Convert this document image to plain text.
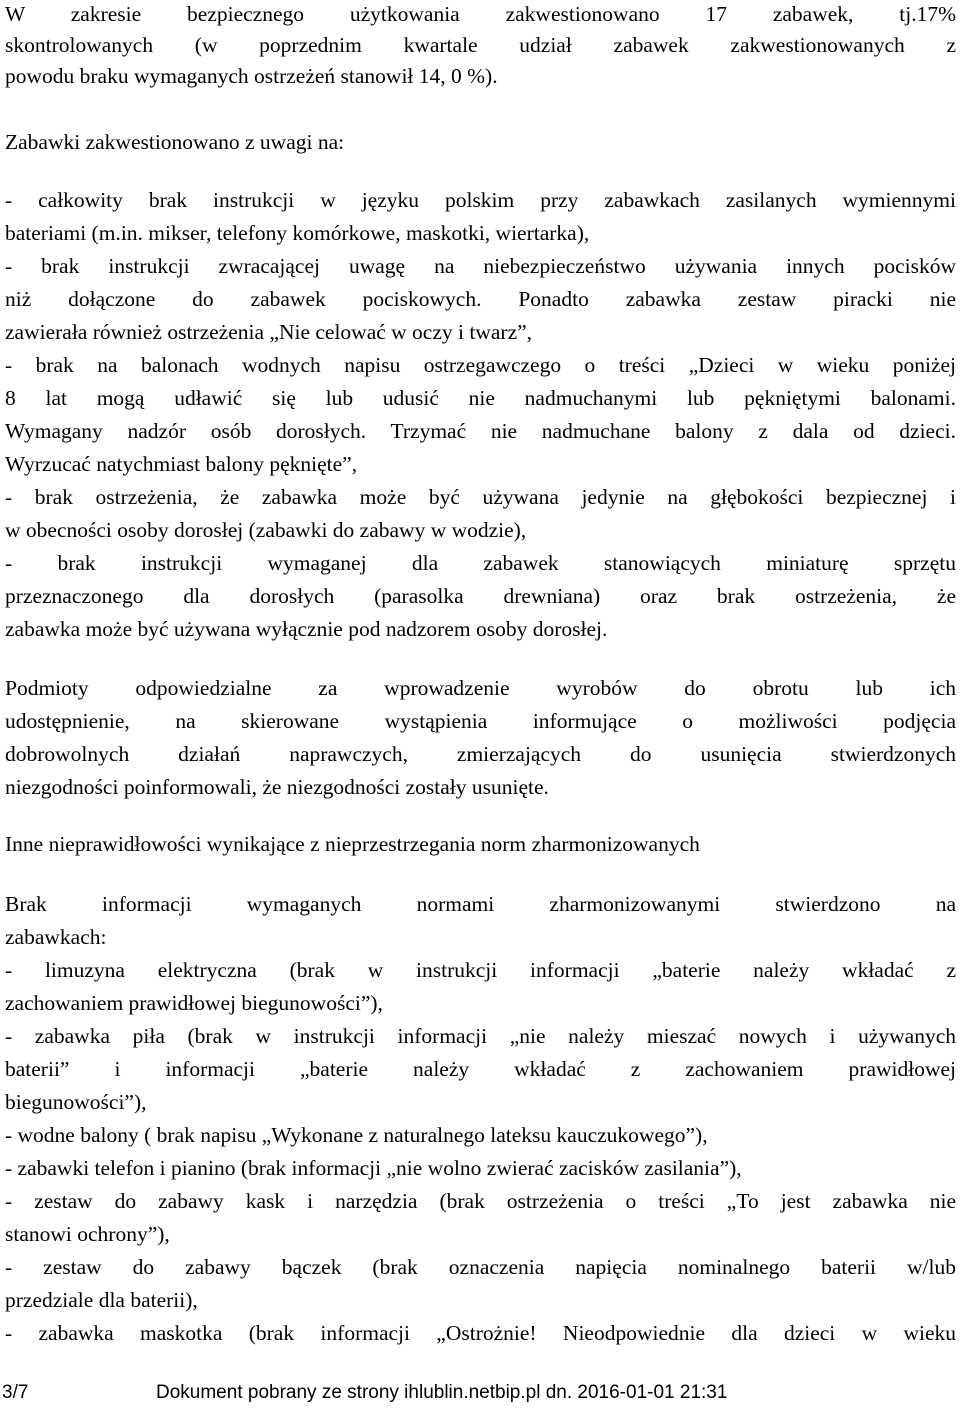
W zakresie bezpiecznego użytkowania zakwestionowano 17 zabawek, tj.17%
skontrolowanych (w poprzednim kwartale udział zabawek zakwestionowanych z
powodu braku wymaganych ostrzeżeń stanowił 14, 0 %).
Zabawki zakwestionowano z uwagi na:
- całkowity brak instrukcji w języku polskim przy zabawkach zasilanych wymiennymi
bateriami (m.in. mikser, telefony komórkowe, maskotki, wiertarka),
- brak instrukcji zwracającej uwagę na niebezpieczeństwo używania innych pocisków
niż dołączone do zabawek pociskowych. Ponadto zabawka zestaw piracki nie
zawierała również ostrzeżenia „Nie celować w oczy i twarz”,
- brak na balonach wodnych napisu ostrzegawczego o treści „Dzieci w wieku poniżej
8 lat mogą udławić się lub udusić nie nadmuchanymi lub pękniętymi balonami.
Wymagany nadzór osób dorosłych. Trzymać nie nadmuchane balony z dala od dzieci.
Wyrzucać natychmiast balony pęknięte”,
- brak ostrzeżenia, że zabawka może być używana jedynie na głębokości bezpiecznej i
w obecności osoby dorosłej (zabawki do zabawy w wodzie),
- brak instrukcji wymaganej dla zabawek stanowiących miniaturę sprzętu
przeznaczonego dla dorosłych (parasolka drewniana) oraz brak ostrzeżenia, że
zabawka może być używana wyłącznie pod nadzorem osoby dorosłej.
Podmioty odpowiedzialne za wprowadzenie wyrobów do obrotu lub ich
udostępnienie, na skierowane wystąpienia informujące o możliwości podjęcia
dobrowolnych działań naprawczych, zmierzających do usunięcia stwierdzonych
niezgodności poinformowali, że niezgodności zostały usunięte.
Inne nieprawidłowości wynikające z nieprzestrzegania norm zharmonizowanych
Brak informacji wymaganych normami zharmonizowanymi stwierdzono na
zabawkach:
- limuzyna elektryczna (brak w instrukcji informacji „baterie należy wkładać z
zachowaniem prawidłowej biegunowości”),
- zabawka piła (brak w instrukcji informacji „nie należy mieszać nowych i używanych
baterii” i informacji „baterie należy wkładać z zachowaniem prawidłowej
biegunowości”),
- wodne balony ( brak napisu „Wykonane z naturalnego lateksu kauczukowego”),
- zabawki telefon i pianino (brak informacji „nie wolno zwierać zacisków zasilania”),
- zestaw do zabawy kask i narzędzia (brak ostrzeżenia o treści „To jest zabawka nie
stanowi ochrony”),
- zestaw do zabawy bączek (brak oznaczenia napięcia nominalnego baterii w/lub
przedziale dla baterii),
- zabawka maskotka (brak informacji „Ostrożnie! Nieodpowiednie dla dzieci w wieku
3/7	Dokument pobrany ze strony ihlublin.netbip.pl dn. 2016-01-01 21:31
